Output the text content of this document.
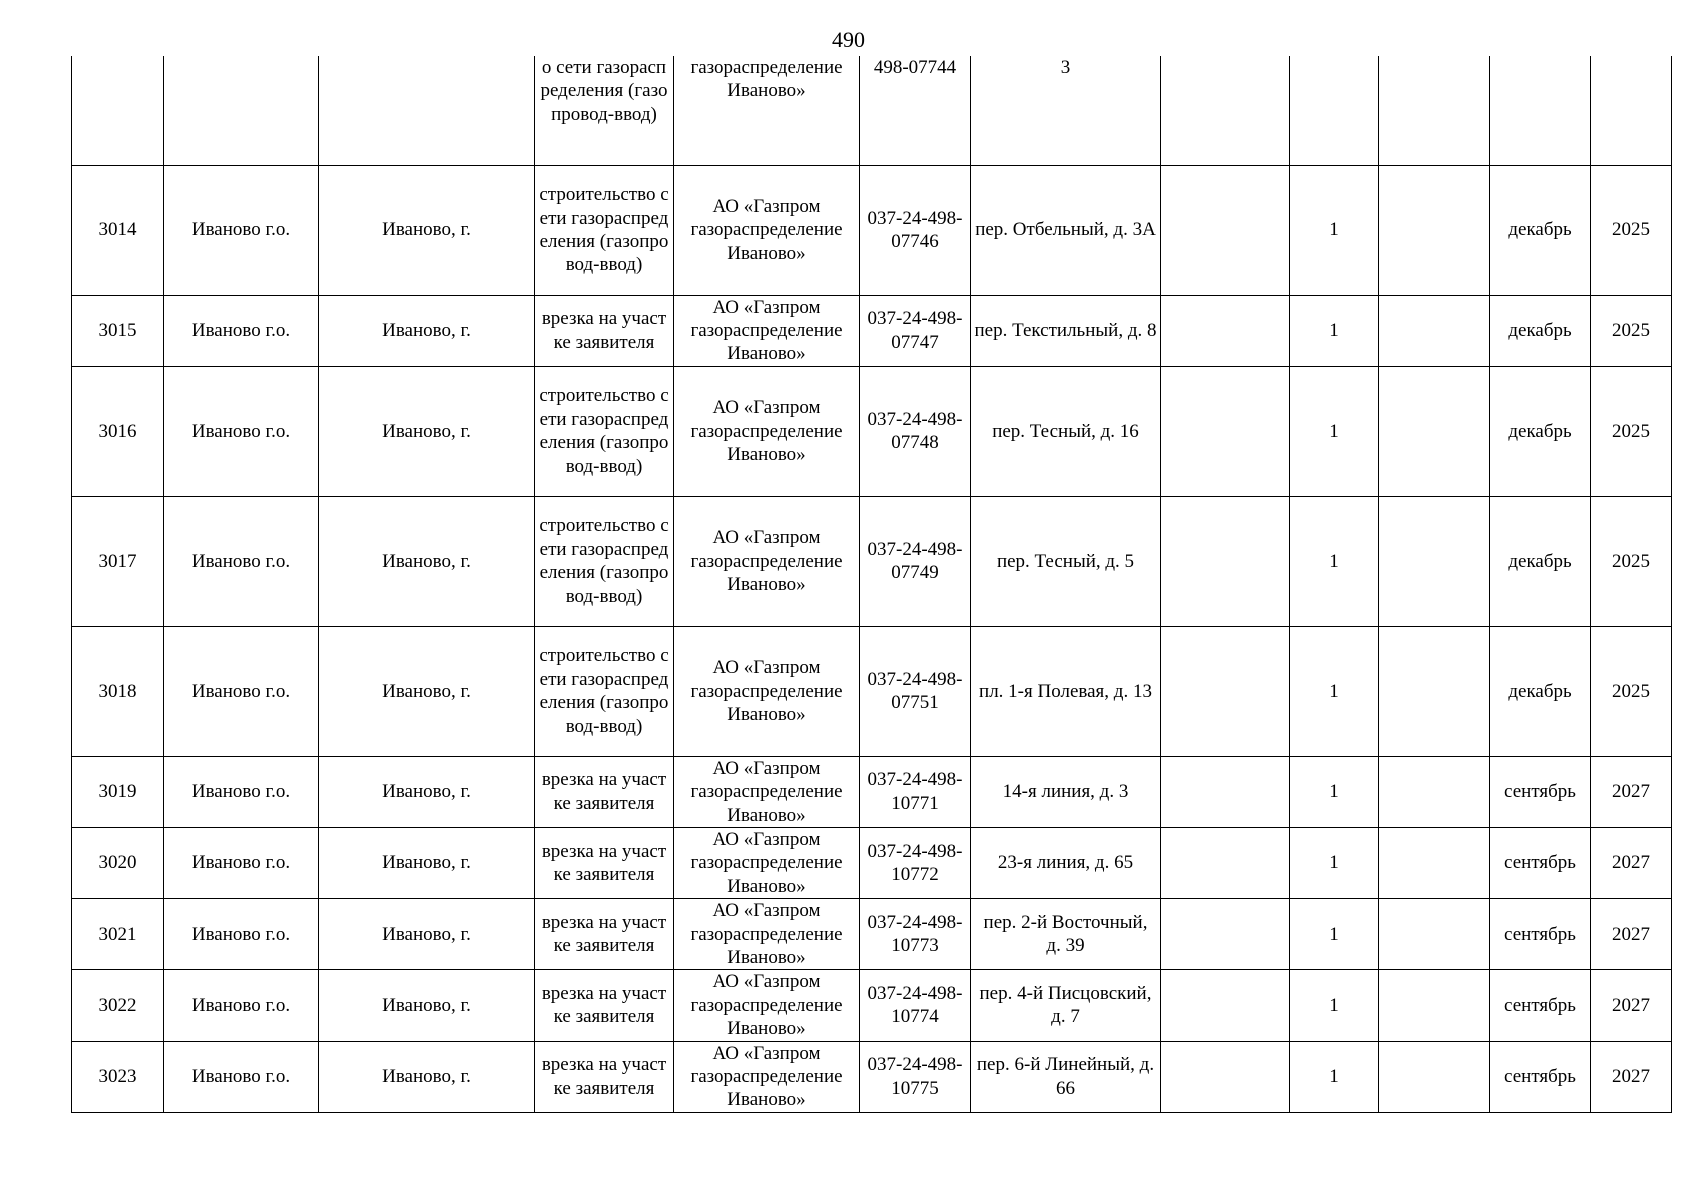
490
			о сети газораспределения (газопровод-ввод)	газораспределение Иваново»	498-07744	3					
3014	Иваново г.о.	Иваново, г.	строительство сети газораспределения (газопровод-ввод)	АО «Газпром газораспределение Иваново»	037-24-498-07746	пер. Отбельный, д. 3А		1		декабрь	2025
3015	Иваново г.о.	Иваново, г.	врезка на участке заявителя	АО «Газпром газораспределение Иваново»	037-24-498-07747	пер. Текстильный, д. 8		1		декабрь	2025
3016	Иваново г.о.	Иваново, г.	строительство сети газораспределения (газопровод-ввод)	АО «Газпром газораспределение Иваново»	037-24-498-07748	пер. Тесный, д. 16		1		декабрь	2025
3017	Иваново г.о.	Иваново, г.	строительство сети газораспределения (газопровод-ввод)	АО «Газпром газораспределение Иваново»	037-24-498-07749	пер. Тесный, д. 5		1		декабрь	2025
3018	Иваново г.о.	Иваново, г.	строительство сети газораспределения (газопровод-ввод)	АО «Газпром газораспределение Иваново»	037-24-498-07751	пл. 1-я Полевая, д. 13		1		декабрь	2025
3019	Иваново г.о.	Иваново, г.	врезка на участке заявителя	АО «Газпром газораспределение Иваново»	037-24-498-10771	14-я линия, д. 3		1		сентябрь	2027
3020	Иваново г.о.	Иваново, г.	врезка на участке заявителя	АО «Газпром газораспределение Иваново»	037-24-498-10772	23-я линия, д. 65		1		сентябрь	2027
3021	Иваново г.о.	Иваново, г.	врезка на участке заявителя	АО «Газпром газораспределение Иваново»	037-24-498-10773	пер. 2-й Восточный, д. 39		1		сентябрь	2027
3022	Иваново г.о.	Иваново, г.	врезка на участке заявителя	АО «Газпром газораспределение Иваново»	037-24-498-10774	пер. 4-й Писцовский, д. 7		1		сентябрь	2027
3023	Иваново г.о.	Иваново, г.	врезка на участке заявителя	АО «Газпром газораспределение Иваново»	037-24-498-10775	пер. 6-й Линейный, д. 66		1		сентябрь	2027
